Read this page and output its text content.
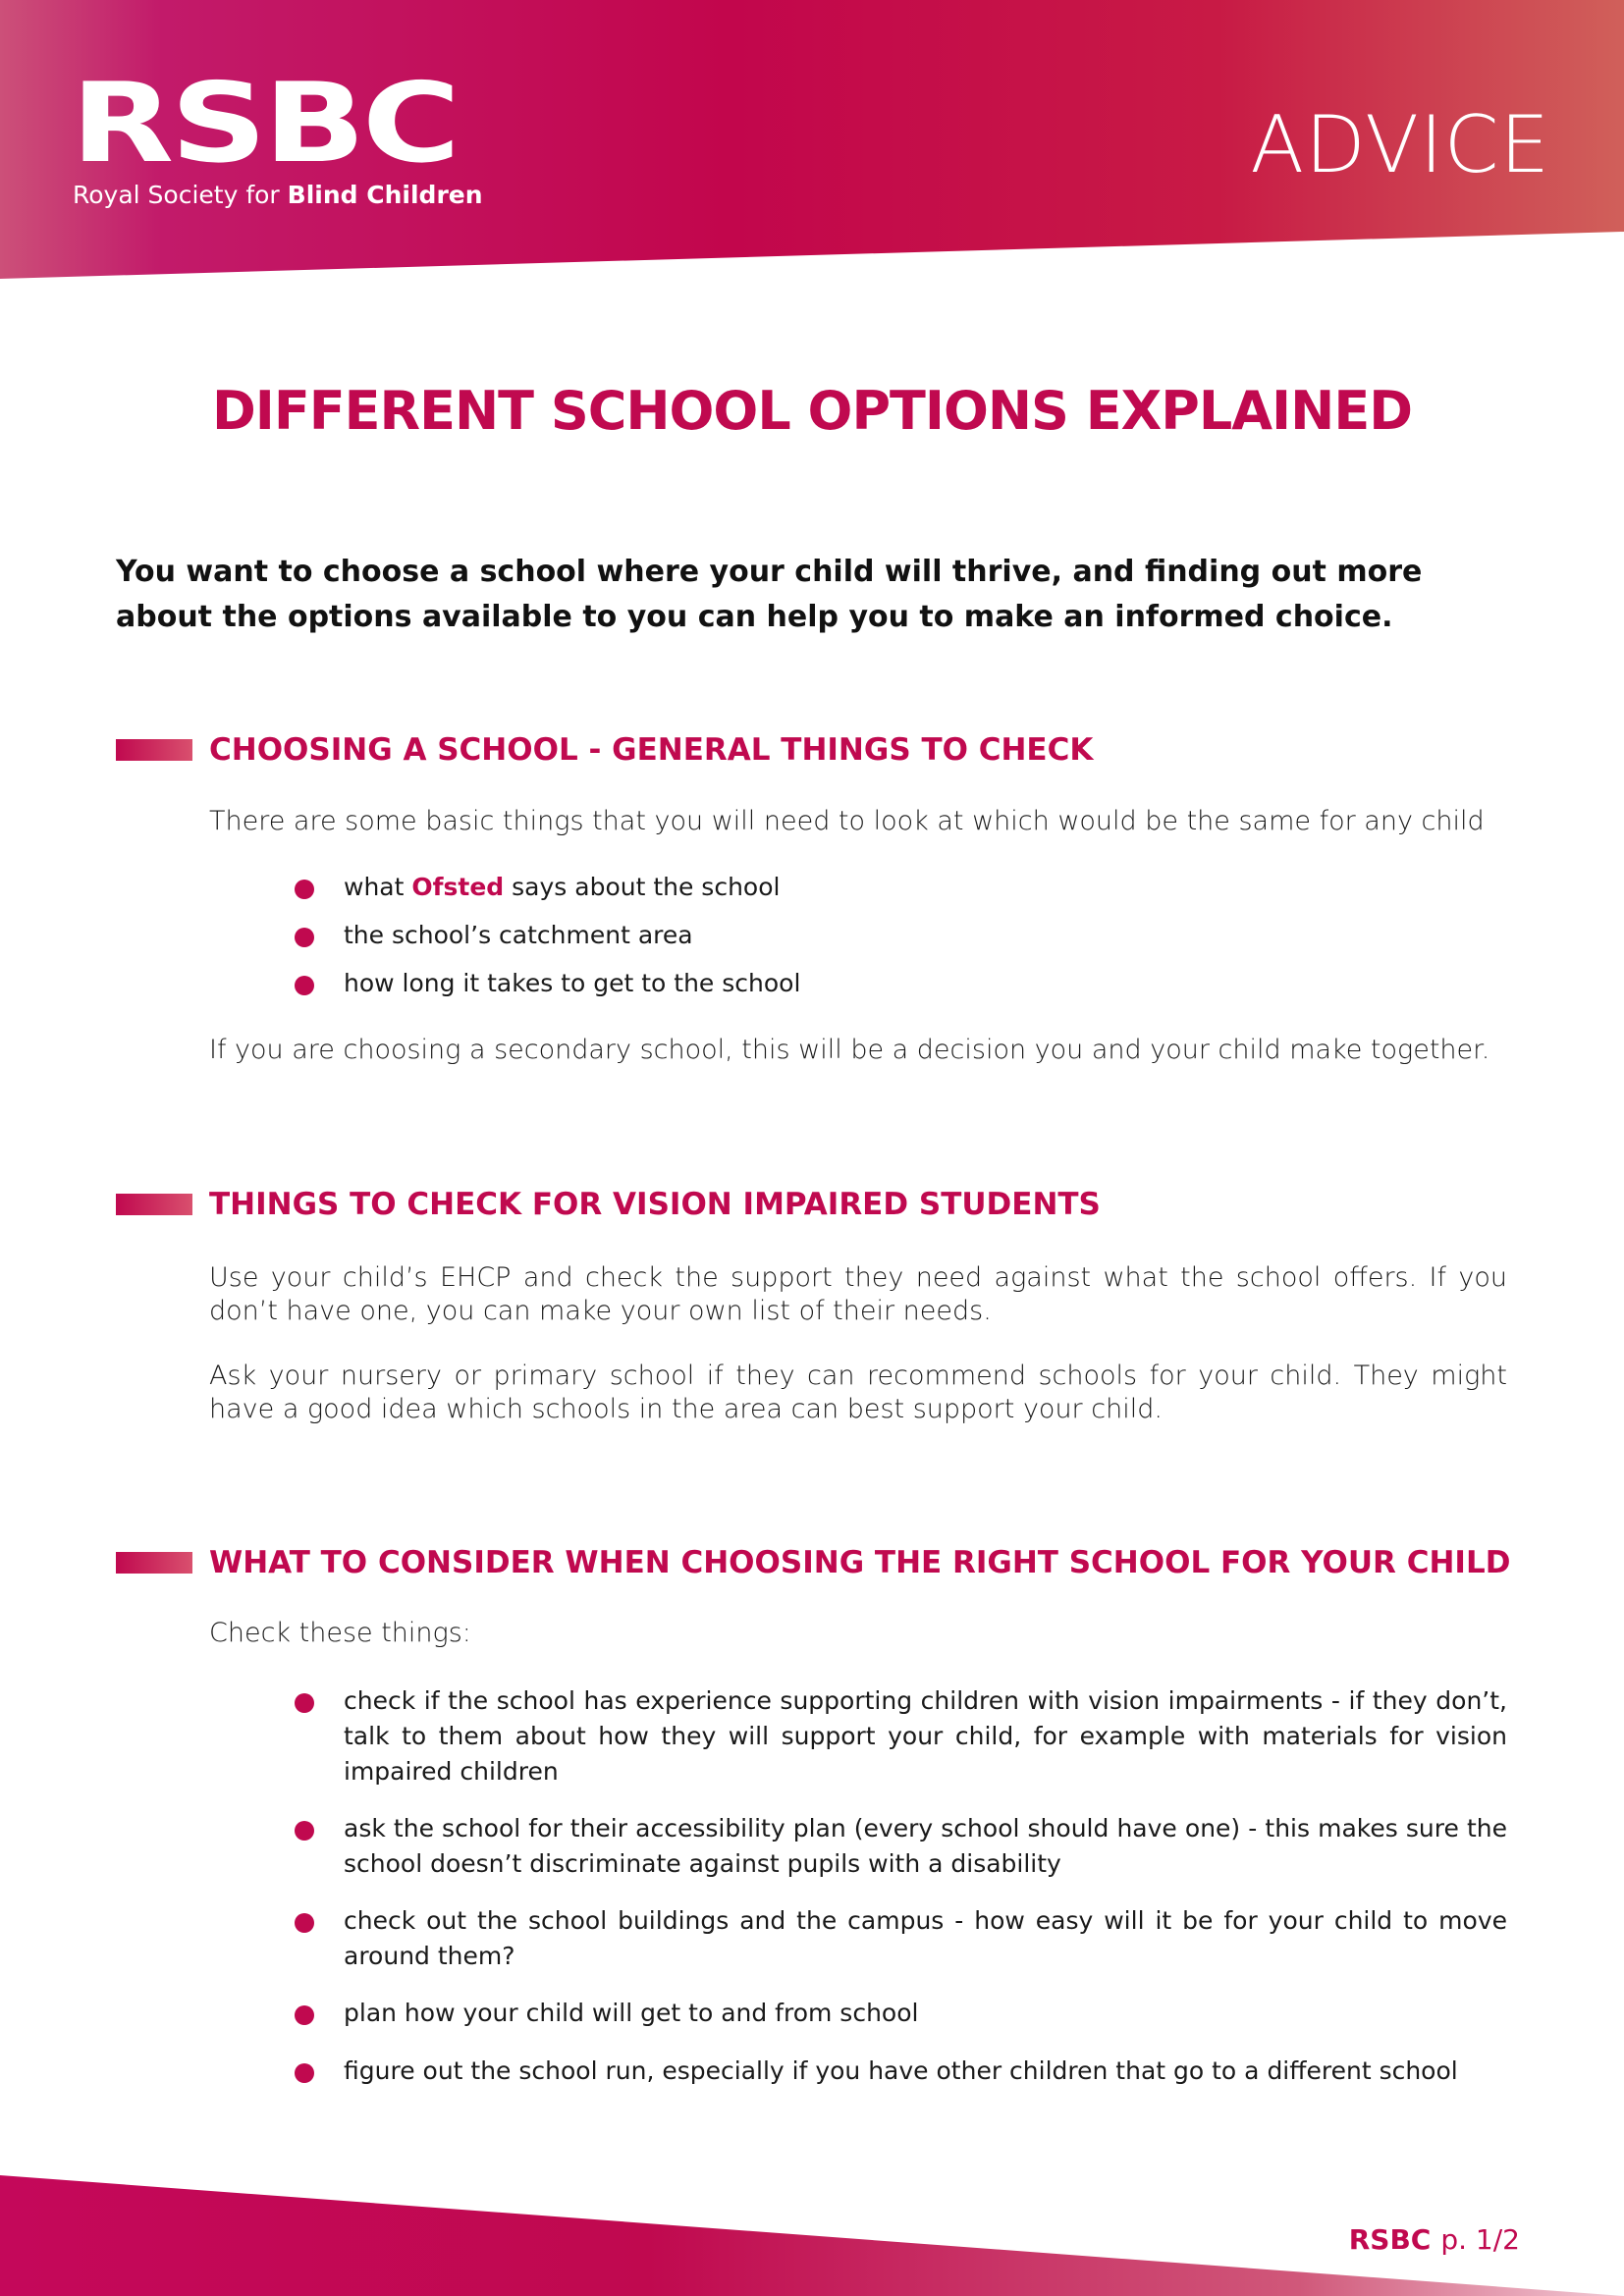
RSBC
Royal Society for Blind Children
ADVICE
DIFFERENT SCHOOL OPTIONS EXPLAINED
You want to choose a school where your child will thrive, and finding out more about the options available to you can help you to make an informed choice.
CHOOSING A SCHOOL - GENERAL THINGS TO CHECK
There are some basic things that you will need to look at which would be the same for any child
what Ofsted says about the school
the school’s catchment area
how long it takes to get to the school
If you are choosing a secondary school, this will be a decision you and your child make together.
THINGS TO CHECK FOR VISION IMPAIRED STUDENTS
Use your child’s EHCP and check the support they need against what the school offers. If you don’t have one, you can make your own list of their needs.
Ask your nursery or primary school if they can recommend schools for your child. They might have a good idea which schools in the area can best support your child.
WHAT TO CONSIDER WHEN CHOOSING THE RIGHT SCHOOL FOR YOUR CHILD
Check these things:
check if the school has experience supporting children with vision impairments - if they don’t, talk to them about how they will support your child, for example with materials for vision impaired children
ask the school for their accessibility plan (every school should have one) - this makes sure the school doesn’t discriminate against pupils with a disability
check out the school buildings and the campus - how easy will it be for your child to move around them?
plan how your child will get to and from school
figure out the school run, especially if you have other children that go to a different school
RSBC p. 1/2
